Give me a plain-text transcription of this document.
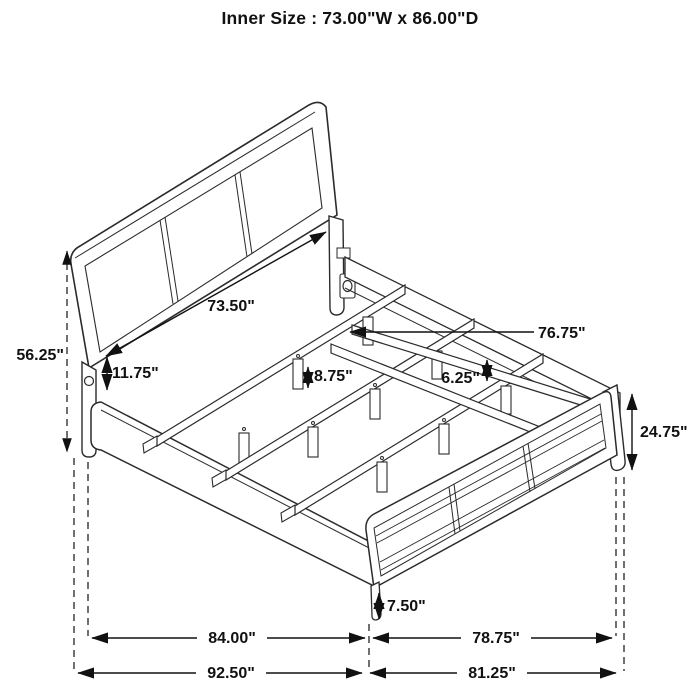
Inner Size : 73.00"W x 86.00"D
56.25"
73.50"
76.75"
11.75"	8.75"	6.25"
24.75"
7.50"
84.00"	78.75"
92.50"	81.25"
